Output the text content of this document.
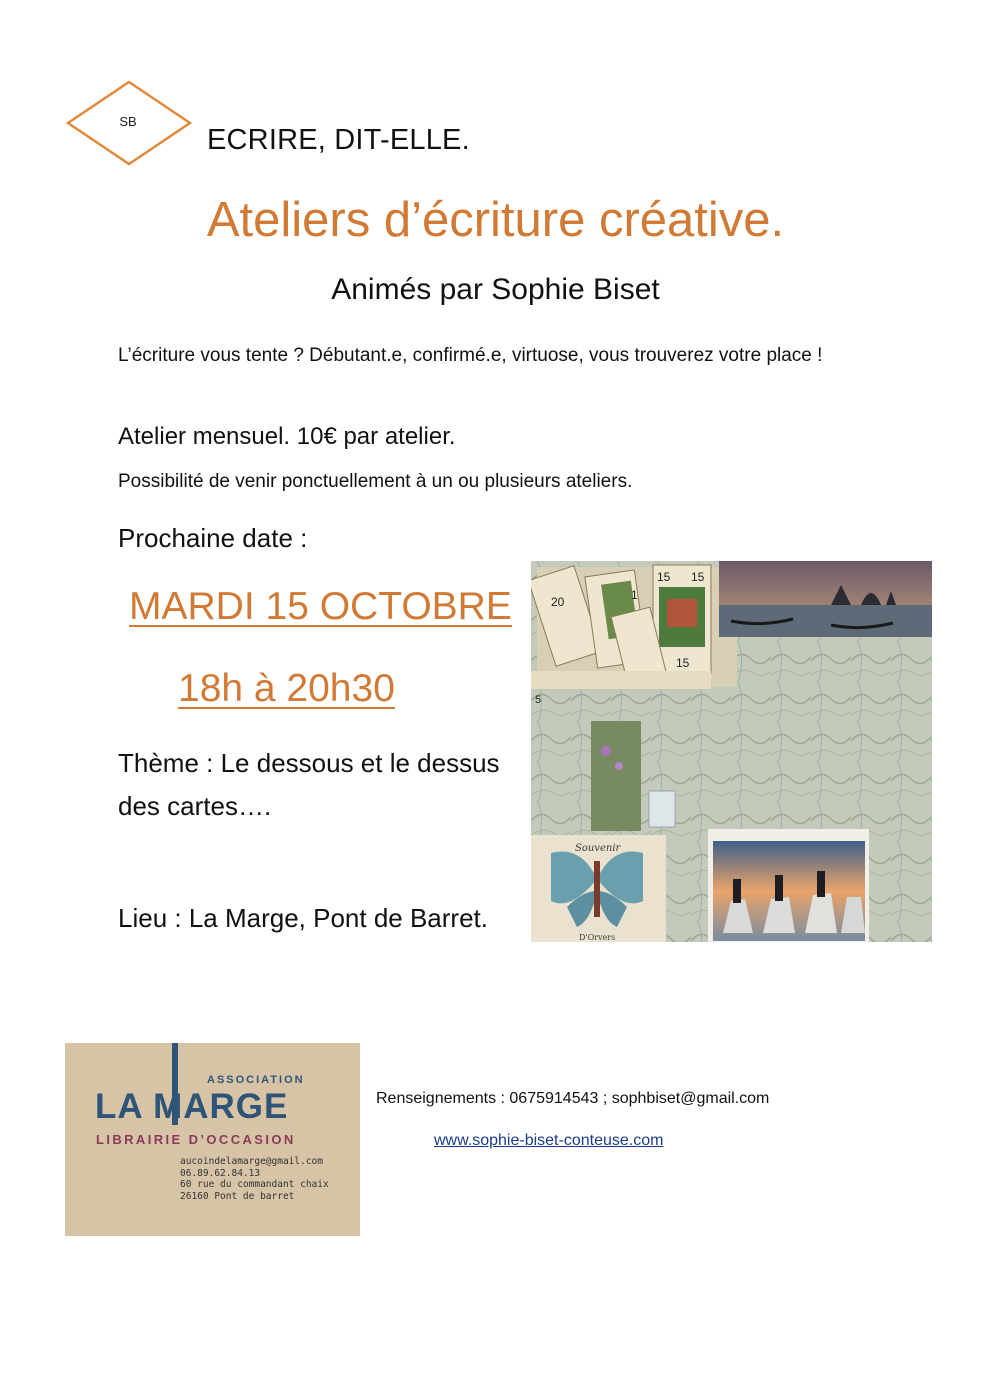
SB
ECRIRE, DIT-ELLE.
Ateliers d’écriture créative.
Animés par Sophie Biset
L’écriture vous tente ? Débutant.e, confirmé.e, virtuose, vous trouverez votre place !
Atelier mensuel. 10€ par atelier.
Possibilité de venir ponctuellement à un ou plusieurs ateliers.
Prochaine date :
MARDI 15 OCTOBRE
18h à 20h30
Thème : Le dessous et le dessus des cartes….
Lieu : La Marge, Pont de Barret.
20
15 15
15
1
5
Souvenir
D'Orvers
ASSOCIATION
LA MARGE
LIBRAIRIE D’OCCASION
aucoindelamarge@gmail.com
06.89.62.84.13
60 rue du commandant chaix
26160 Pont de barret
Renseignements : 0675914543 ; sophbiset@gmail.com
www.sophie-biset-conteuse.com
